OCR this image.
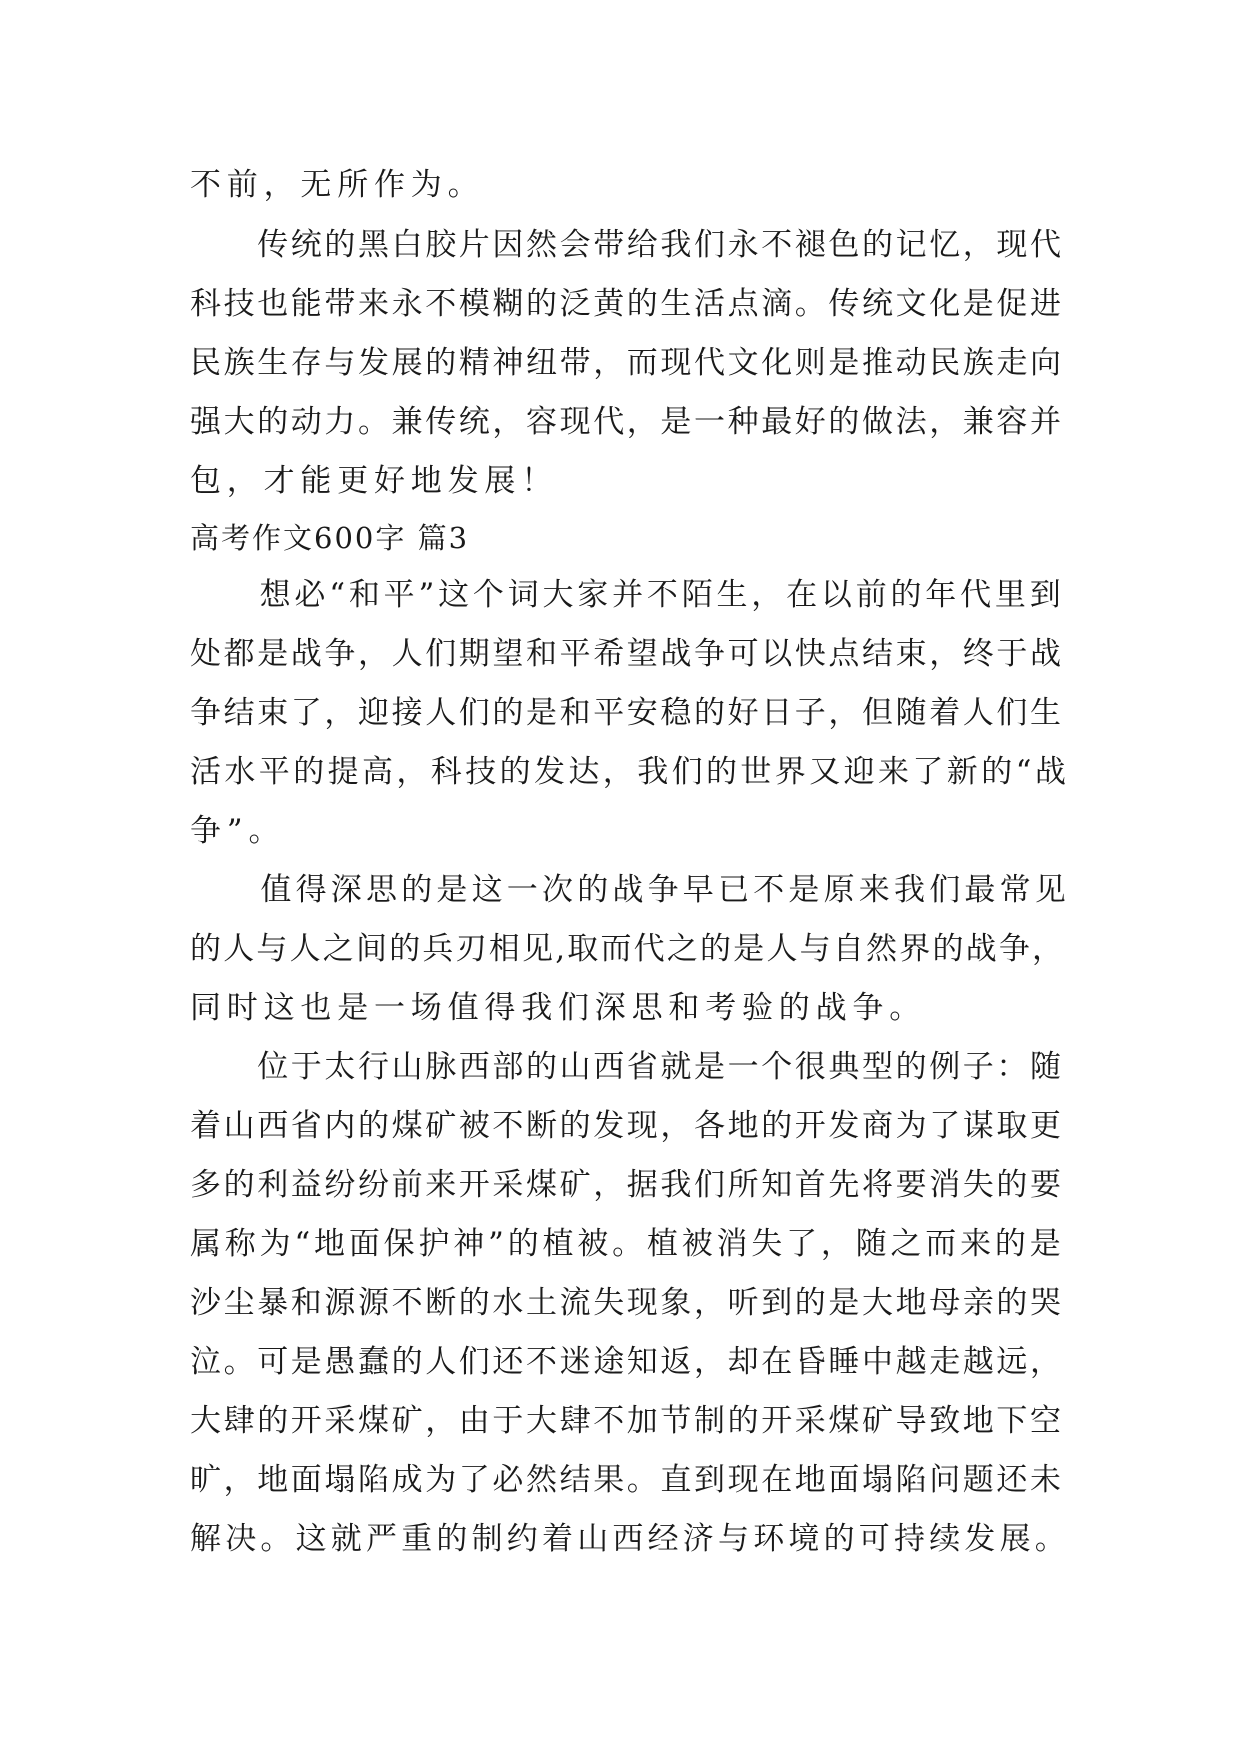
不前，无所作为。

　　传统的黑白胶片因然会带给我们永不褪色的记忆，现代

科技也能带来永不模糊的泛黄的生活点滴。传统文化是促进

民族生存与发展的精神纽带，而现代文化则是推动民族走向

强大的动力。兼传统，容现代，是一种最好的做法，兼容并

包，才能更好地发展！

高考作文600字 篇3

　　想必“和平”这个词大家并不陌生，在以前的年代里到

处都是战争，人们期望和平希望战争可以快点结束，终于战

争结束了，迎接人们的是和平安稳的好日子，但随着人们生

活水平的提高，科技的发达，我们的世界又迎来了新的“战

争”。

　　值得深思的是这一次的战争早已不是原来我们最常见

的人与人之间的兵刃相见,取而代之的是人与自然界的战争，

同时这也是一场值得我们深思和考验的战争。

　　位于太行山脉西部的山西省就是一个很典型的例子：随

着山西省内的煤矿被不断的发现，各地的开发商为了谋取更

多的利益纷纷前来开采煤矿，据我们所知首先将要消失的要

属称为“地面保护神”的植被。植被消失了，随之而来的是

沙尘暴和源源不断的水土流失现象，听到的是大地母亲的哭

泣。可是愚蠢的人们还不迷途知返，却在昏睡中越走越远，

大肆的开采煤矿，由于大肆不加节制的开采煤矿导致地下空

旷，地面塌陷成为了必然结果。直到现在地面塌陷问题还未

解决。这就严重的制约着山西经济与环境的可持续发展。
